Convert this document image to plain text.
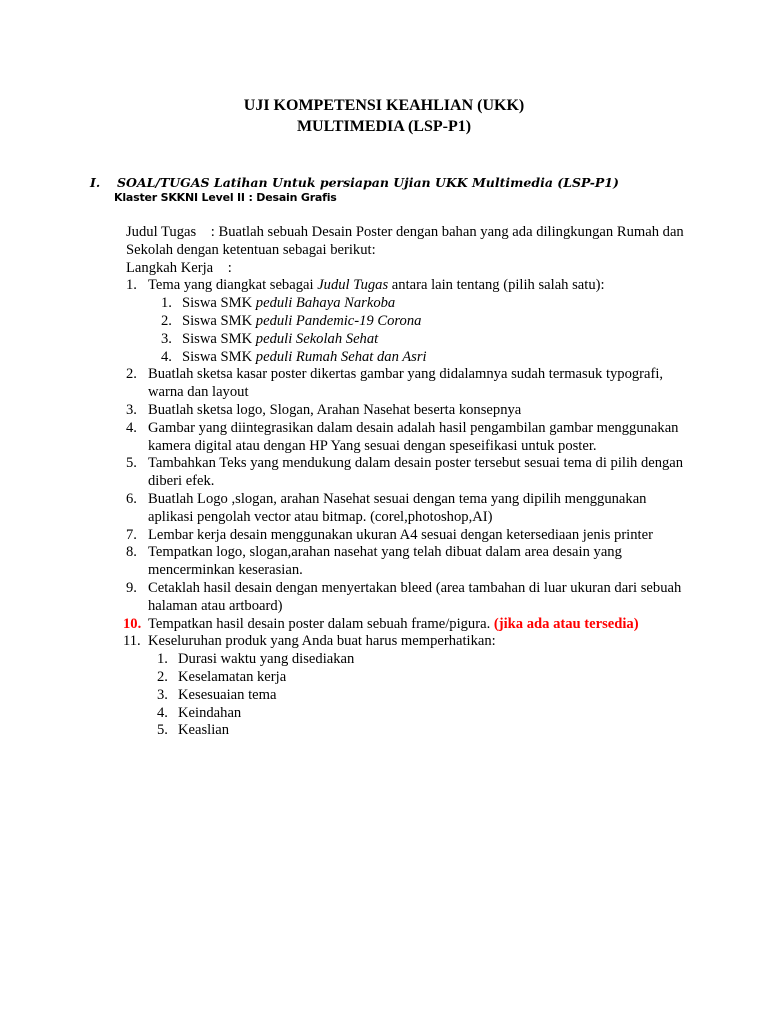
UJI KOMPETENSI KEAHLIAN (UKK)
MULTIMEDIA (LSP-P1)
I. SOAL/TUGAS Latihan Untuk persiapan Ujian UKK Multimedia (LSP-P1)
Klaster SKKNI Level II : Desain Grafis

Judul Tugas : Buatlah sebuah Desain Poster dengan bahan yang ada dilingkungan Rumah dan Sekolah dengan ketentuan sebagai berikut:

Langkah Kerja    :

1. Tema yang diangkat sebagai Judul Tugas antara lain tentang (pilih salah satu):
1. Siswa SMK peduli Bahaya Narkoba
2. Siswa SMK peduli Pandemic-19 Corona
3. Siswa SMK peduli Sekolah Sehat
4. Siswa SMK peduli Rumah Sehat dan Asri
2. Buatlah sketsa kasar poster dikertas gambar yang didalamnya sudah termasuk typografi, warna dan layout
3. Buatlah sketsa logo, Slogan, Arahan Nasehat beserta konsepnya
4. Gambar yang diintegrasikan dalam desain adalah hasil pengambilan gambar menggunakan kamera digital atau dengan HP Yang sesuai dengan speseifikasi untuk poster.
5. Tambahkan Teks yang mendukung dalam desain poster tersebut sesuai tema di pilih dengan diberi efek.
6. Buatlah Logo ,slogan, arahan Nasehat sesuai dengan tema yang dipilih menggunakan aplikasi pengolah vector atau bitmap. (corel,photoshop,AI)
7. Lembar kerja desain menggunakan ukuran A4 sesuai dengan ketersediaan jenis printer
8. Tempatkan logo, slogan,arahan nasehat yang telah dibuat dalam area desain yang mencerminkan keserasian.
9. Cetaklah hasil desain dengan menyertakan bleed (area tambahan di luar ukuran dari sebuah halaman atau artboard)
10. Tempatkan hasil desain poster dalam sebuah frame/pigura. (jika ada atau tersedia)
11. Keseluruhan produk yang Anda buat harus memperhatikan:
1. Durasi waktu yang disediakan
2. Keselamatan kerja
3. Kesesuaian tema
4. Keindahan
5. Keaslian
